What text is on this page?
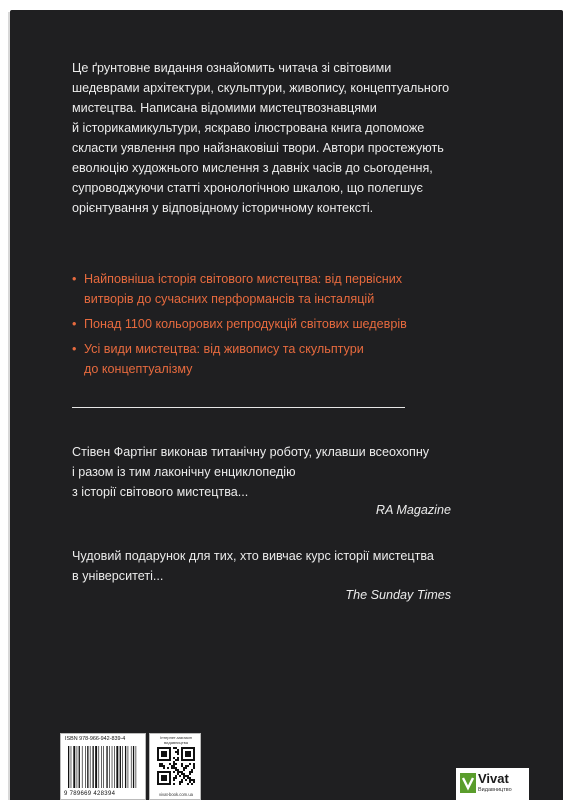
Це ґрунтовне видання ознайомить читача зі світовими

шедеврами архітектури, скульптури, живопису, концептуального

мистецтва. Написана відомими мистецтвознавцями

й історикамикультури, яскраво ілюстрована книга допоможе

скласти уявлення про найзнаковіші твори. Автори простежують

еволюцію художнього мислення з давніх часів до сьогодення,

супроводжуючи статті хронологічною шкалою, що полегшує

орієнтування у відповідному історичному контексті.

• Найповніша історія світового мистецтва: від первісних
витворів до сучасних перформансів та інсталяцій
• Понад 1100 кольорових репродукцій світових шедеврів
• Усі види мистецтва: від живопису та скульптури
до концептуалізму
Стівен Фартінг виконав титанічну роботу, уклавши всеохопну
і разом із тим лаконічну енциклопедію
з історії світового мистецтва...
RA Magazine
Чудовий подарунок для тих, хто вивчає курс історії мистецтва
в університеті...
The Sunday Times
ISBN 978-966-942-839-4
9 789669 428394
Інтернет-магазин видавництва
vivat-book.com.ua
Vivat
Видавництво
